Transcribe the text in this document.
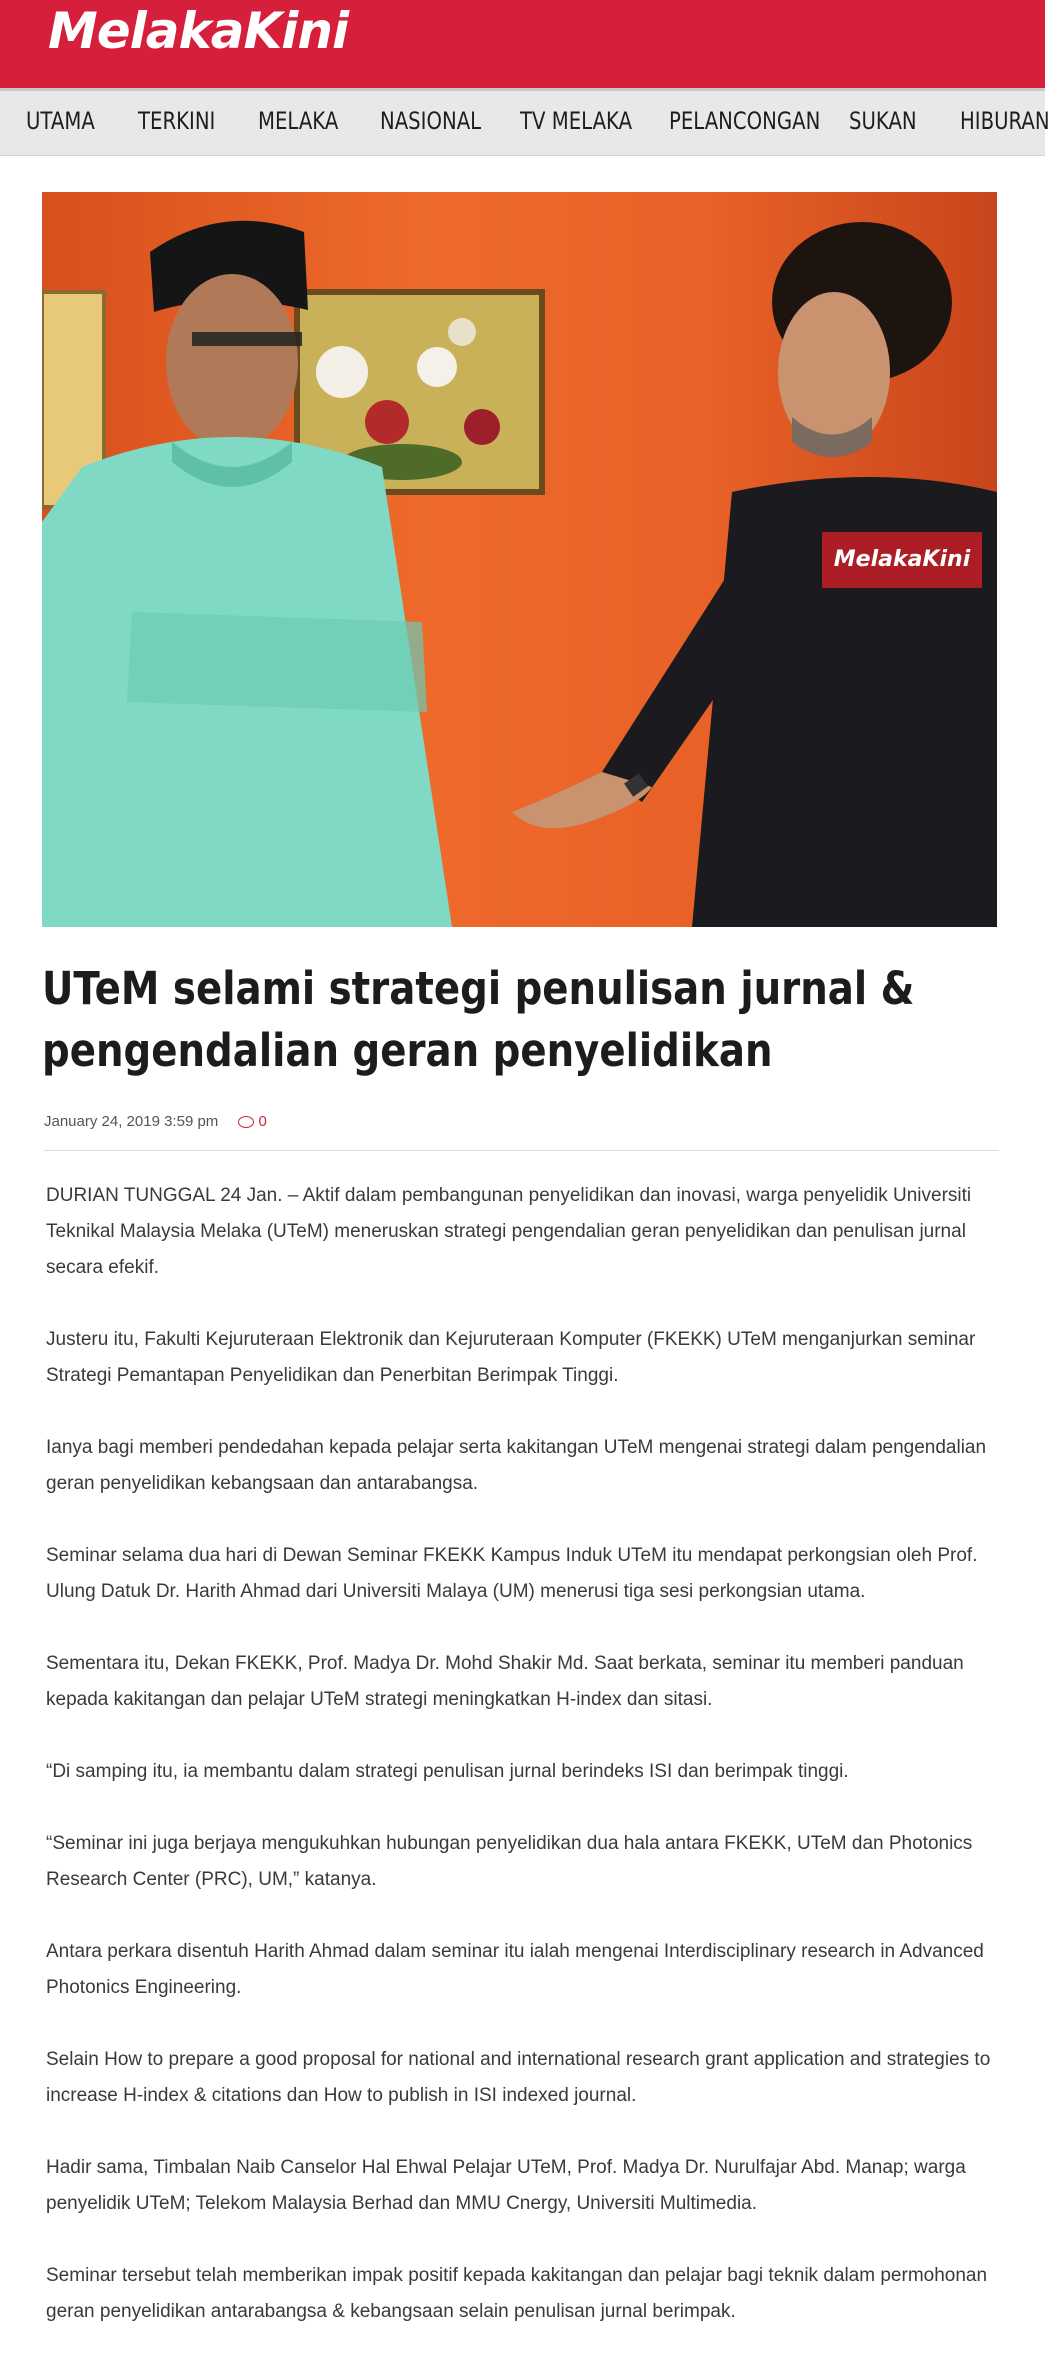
MelakaKini
UTAMA TERKINI MELAKA NASIONAL TV MELAKA PELANCONGAN SUKAN HIBURAN
MelakaKini
UTeM selami strategi penulisan jurnal & pengendalian geran penyelidikan
January 24, 2019 3:59 pm	0

DURIAN TUNGGAL 24 Jan. – Aktif dalam pembangunan penyelidikan dan inovasi, warga penyelidik Universiti Teknikal Malaysia Melaka (UTeM) meneruskan strategi pengendalian geran penyelidikan dan penulisan jurnal secara efekif.

Justeru itu, Fakulti Kejuruteraan Elektronik dan Kejuruteraan Komputer (FKEKK) UTeM menganjurkan seminar Strategi Pemantapan Penyelidikan dan Penerbitan Berimpak Tinggi.

Ianya bagi memberi pendedahan kepada pelajar serta kakitangan UTeM mengenai strategi dalam pengendalian geran penyelidikan kebangsaan dan antarabangsa.

Seminar selama dua hari di Dewan Seminar FKEKK Kampus Induk UTeM itu mendapat perkongsian oleh Prof. Ulung Datuk Dr. Harith Ahmad dari Universiti Malaya (UM) menerusi tiga sesi perkongsian utama.

Sementara itu, Dekan FKEKK, Prof. Madya Dr. Mohd Shakir Md. Saat berkata, seminar itu memberi panduan kepada kakitangan dan pelajar UTeM strategi meningkatkan H-index dan sitasi.

“Di samping itu, ia membantu dalam strategi penulisan jurnal berindeks ISI dan berimpak tinggi.

“Seminar ini juga berjaya mengukuhkan hubungan penyelidikan dua hala antara FKEKK, UTeM dan Photonics Research Center (PRC), UM,” katanya.

Antara perkara disentuh Harith Ahmad dalam seminar itu ialah mengenai Interdisciplinary research in Advanced Photonics Engineering.

Selain How to prepare a good proposal for national and international research grant application and strategies to increase H-index & citations dan How to publish in ISI indexed journal.

Hadir sama, Timbalan Naib Canselor Hal Ehwal Pelajar UTeM, Prof. Madya Dr. Nurulfajar Abd. Manap; warga penyelidik UTeM; Telekom Malaysia Berhad dan MMU Cnergy, Universiti Multimedia.

Seminar tersebut telah memberikan impak positif kepada kakitangan dan pelajar bagi teknik dalam permohonan geran penyelidikan antarabangsa & kebangsaan selain penulisan jurnal berimpak.
